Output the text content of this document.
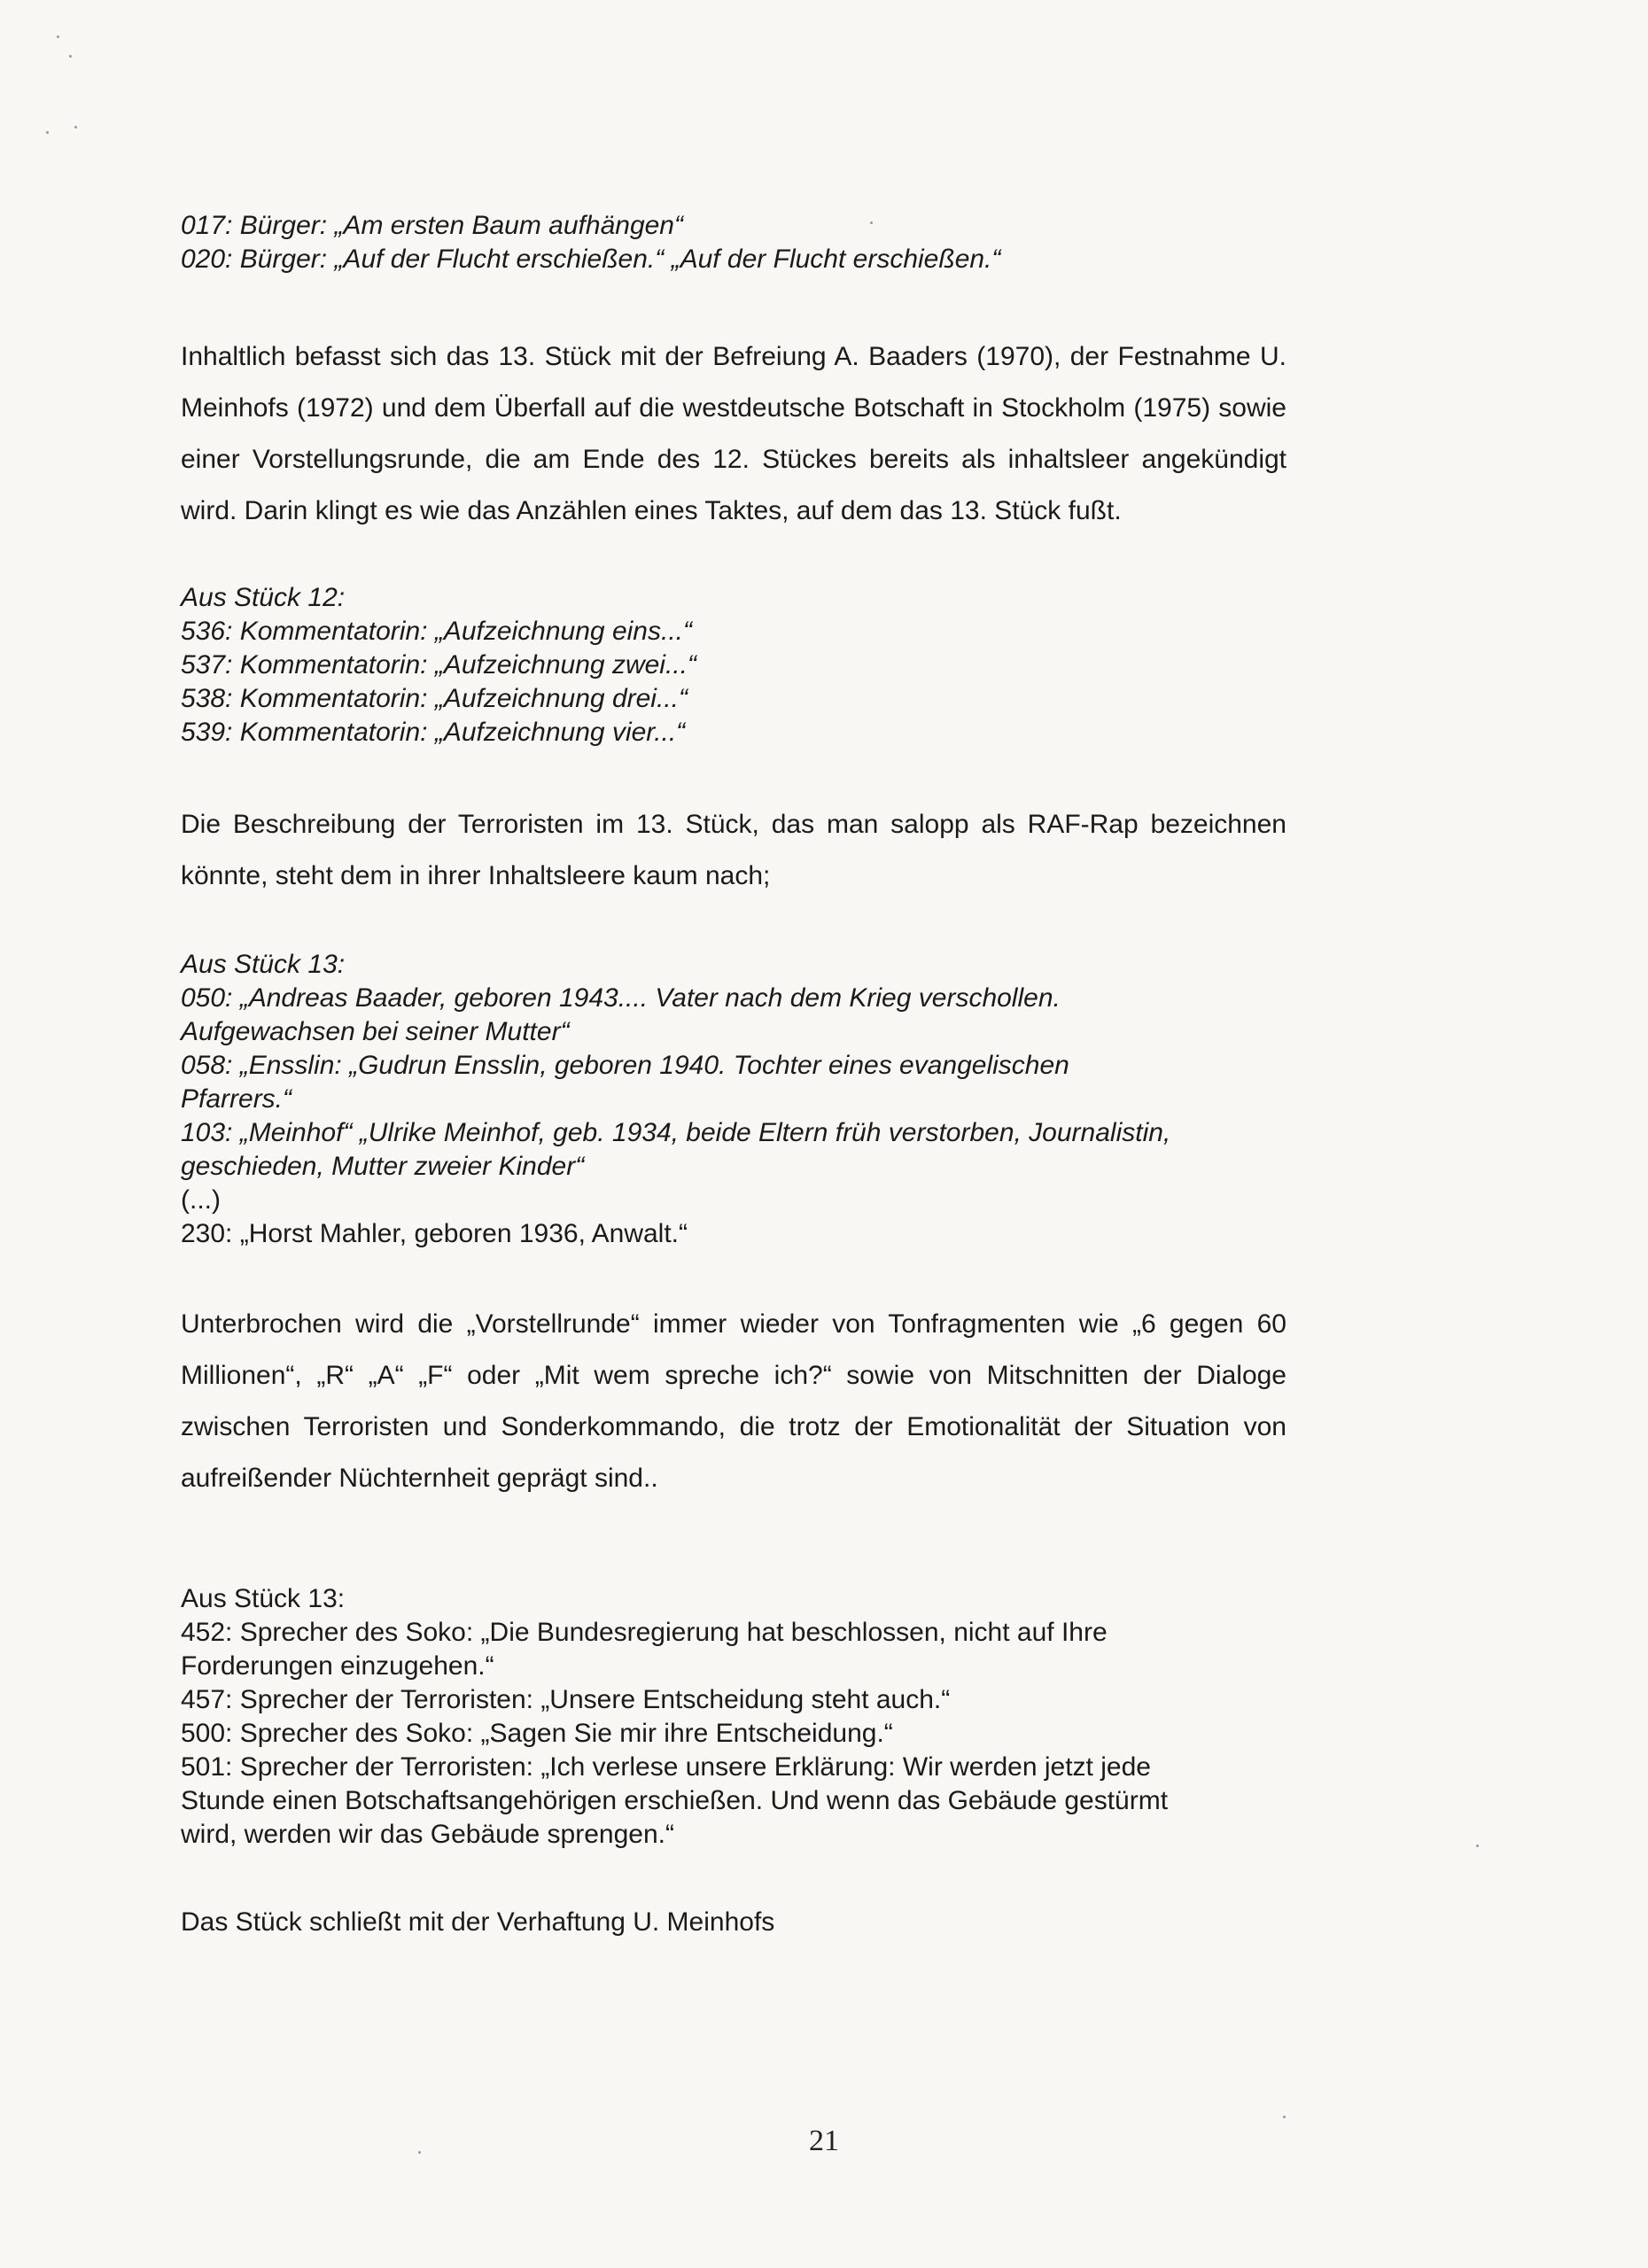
017: Bürger: „Am ersten Baum aufhängen“
020: Bürger: „Auf der Flucht erschießen.“ „Auf der Flucht erschießen.“

Inhaltlich befasst sich das 13. Stück mit der Befreiung A. Baaders (1970), der Festnahme U. Meinhofs (1972) und dem Überfall auf die westdeutsche Botschaft in Stockholm (1975) sowie einer Vorstellungsrunde, die am Ende des 12. Stückes bereits als inhaltsleer angekündigt wird. Darin klingt es wie das Anzählen eines Taktes, auf dem das 13. Stück fußt.

Aus Stück 12:
536: Kommentatorin: „Aufzeichnung eins...“
537: Kommentatorin: „Aufzeichnung zwei...“
538: Kommentatorin: „Aufzeichnung drei...“
539: Kommentatorin: „Aufzeichnung vier...“

Die Beschreibung der Terroristen im 13. Stück, das man salopp als RAF-Rap bezeichnen könnte, steht dem in ihrer Inhaltsleere kaum nach;

Aus Stück 13:
050: „Andreas Baader, geboren 1943.... Vater nach dem Krieg verschollen.
Aufgewachsen bei seiner Mutter“
058: „Ensslin: „Gudrun Ensslin, geboren 1940. Tochter eines evangelischen
Pfarrers.“
103: „Meinhof“ „Ulrike Meinhof, geb. 1934, beide Eltern früh verstorben, Journalistin,
geschieden, Mutter zweier Kinder“
(...)
230: „Horst Mahler, geboren 1936, Anwalt.“

Unterbrochen wird die „Vorstellrunde“ immer wieder von Tonfragmenten wie „6 gegen 60 Millionen“, „R“ „A“ „F“ oder „Mit wem spreche ich?“ sowie von Mitschnitten der Dialoge zwischen Terroristen und Sonderkommando, die trotz der Emotionalität der Situation von aufreißender Nüchternheit geprägt sind..

Aus Stück 13:
452: Sprecher des Soko: „Die Bundesregierung hat beschlossen, nicht auf Ihre
Forderungen einzugehen.“
457: Sprecher der Terroristen: „Unsere Entscheidung steht auch.“
500: Sprecher des Soko: „Sagen Sie mir ihre Entscheidung.“
501: Sprecher der Terroristen: „Ich verlese unsere Erklärung: Wir werden jetzt jede
Stunde einen Botschaftsangehörigen erschießen. Und wenn das Gebäude gestürmt
wird, werden wir das Gebäude sprengen.“

Das Stück schließt mit der Verhaftung U. Meinhofs

21
